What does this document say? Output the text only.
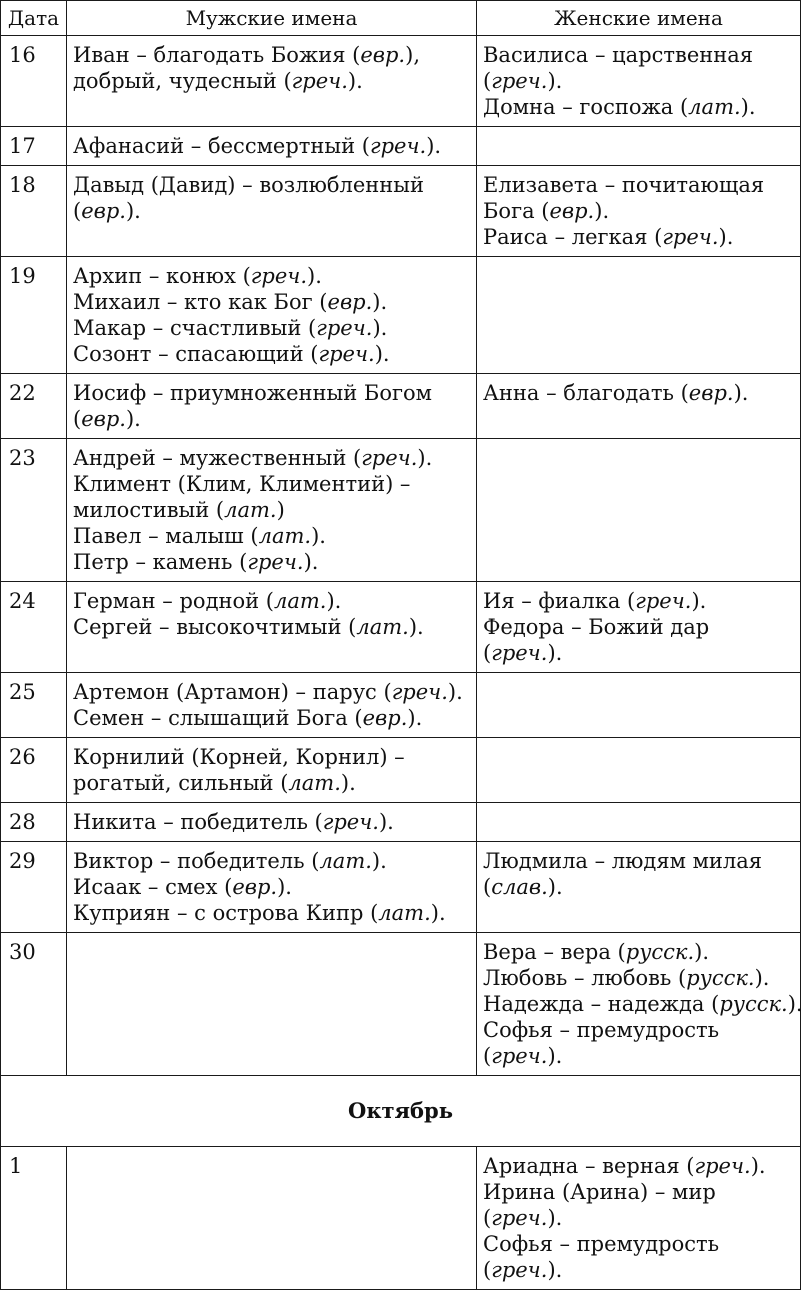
Дата	Мужские имена	Женские имена
16	Иван – благодать Божия (евр.),
добрый, чудесный (греч.).	Василиса – царственная
(греч.).
Домна – госпожа (лат.).

17	Афанасий – бессмертный (греч.).	

18	Давыд (Давид) – возлюбленный
(евр.).	Елизавета – почитающая
Бога (евр.).
Раиса – легкая (греч.).

19	Архип – конюх (греч.).
Михаил – кто как Бог (евр.).
Макар – счастливый (греч.).
Созонт – спасающий (греч.).	

22	Иосиф – приумноженный Богом
(евр.).	Анна – благодать (евр.).

23	Андрей – мужественный (греч.).
Климент (Клим, Климентий) –
милостивый (лат.)
Павел – малыш (лат.).
Петр – камень (греч.).	

24	Герман – родной (лат.).
Сергей – высокочтимый (лат.).	Ия – фиалка (греч.).
Федора – Божий дар
(греч.).

25	Артемон (Артамон) – парус (греч.).
Семен – слышащий Бога (евр.).	

26	Корнилий (Корней, Корнил) –
рогатый, сильный (лат.).	

28	Никита – победитель (греч.).	

29	Виктор – победитель (лат.).
Исаак – смех (евр.).
Куприян – с острова Кипр (лат.).	Людмила – людям милая
(слав.).

30		Вера – вера (русск.).
Любовь – любовь (русск.).
Надежда – надежда (русск.).
Софья – премудрость
(греч.).

Октябрь		
1		Ариадна – верная (греч.).
Ирина (Арина) – мир
(греч.).
Софья – премудрость
(греч.).
